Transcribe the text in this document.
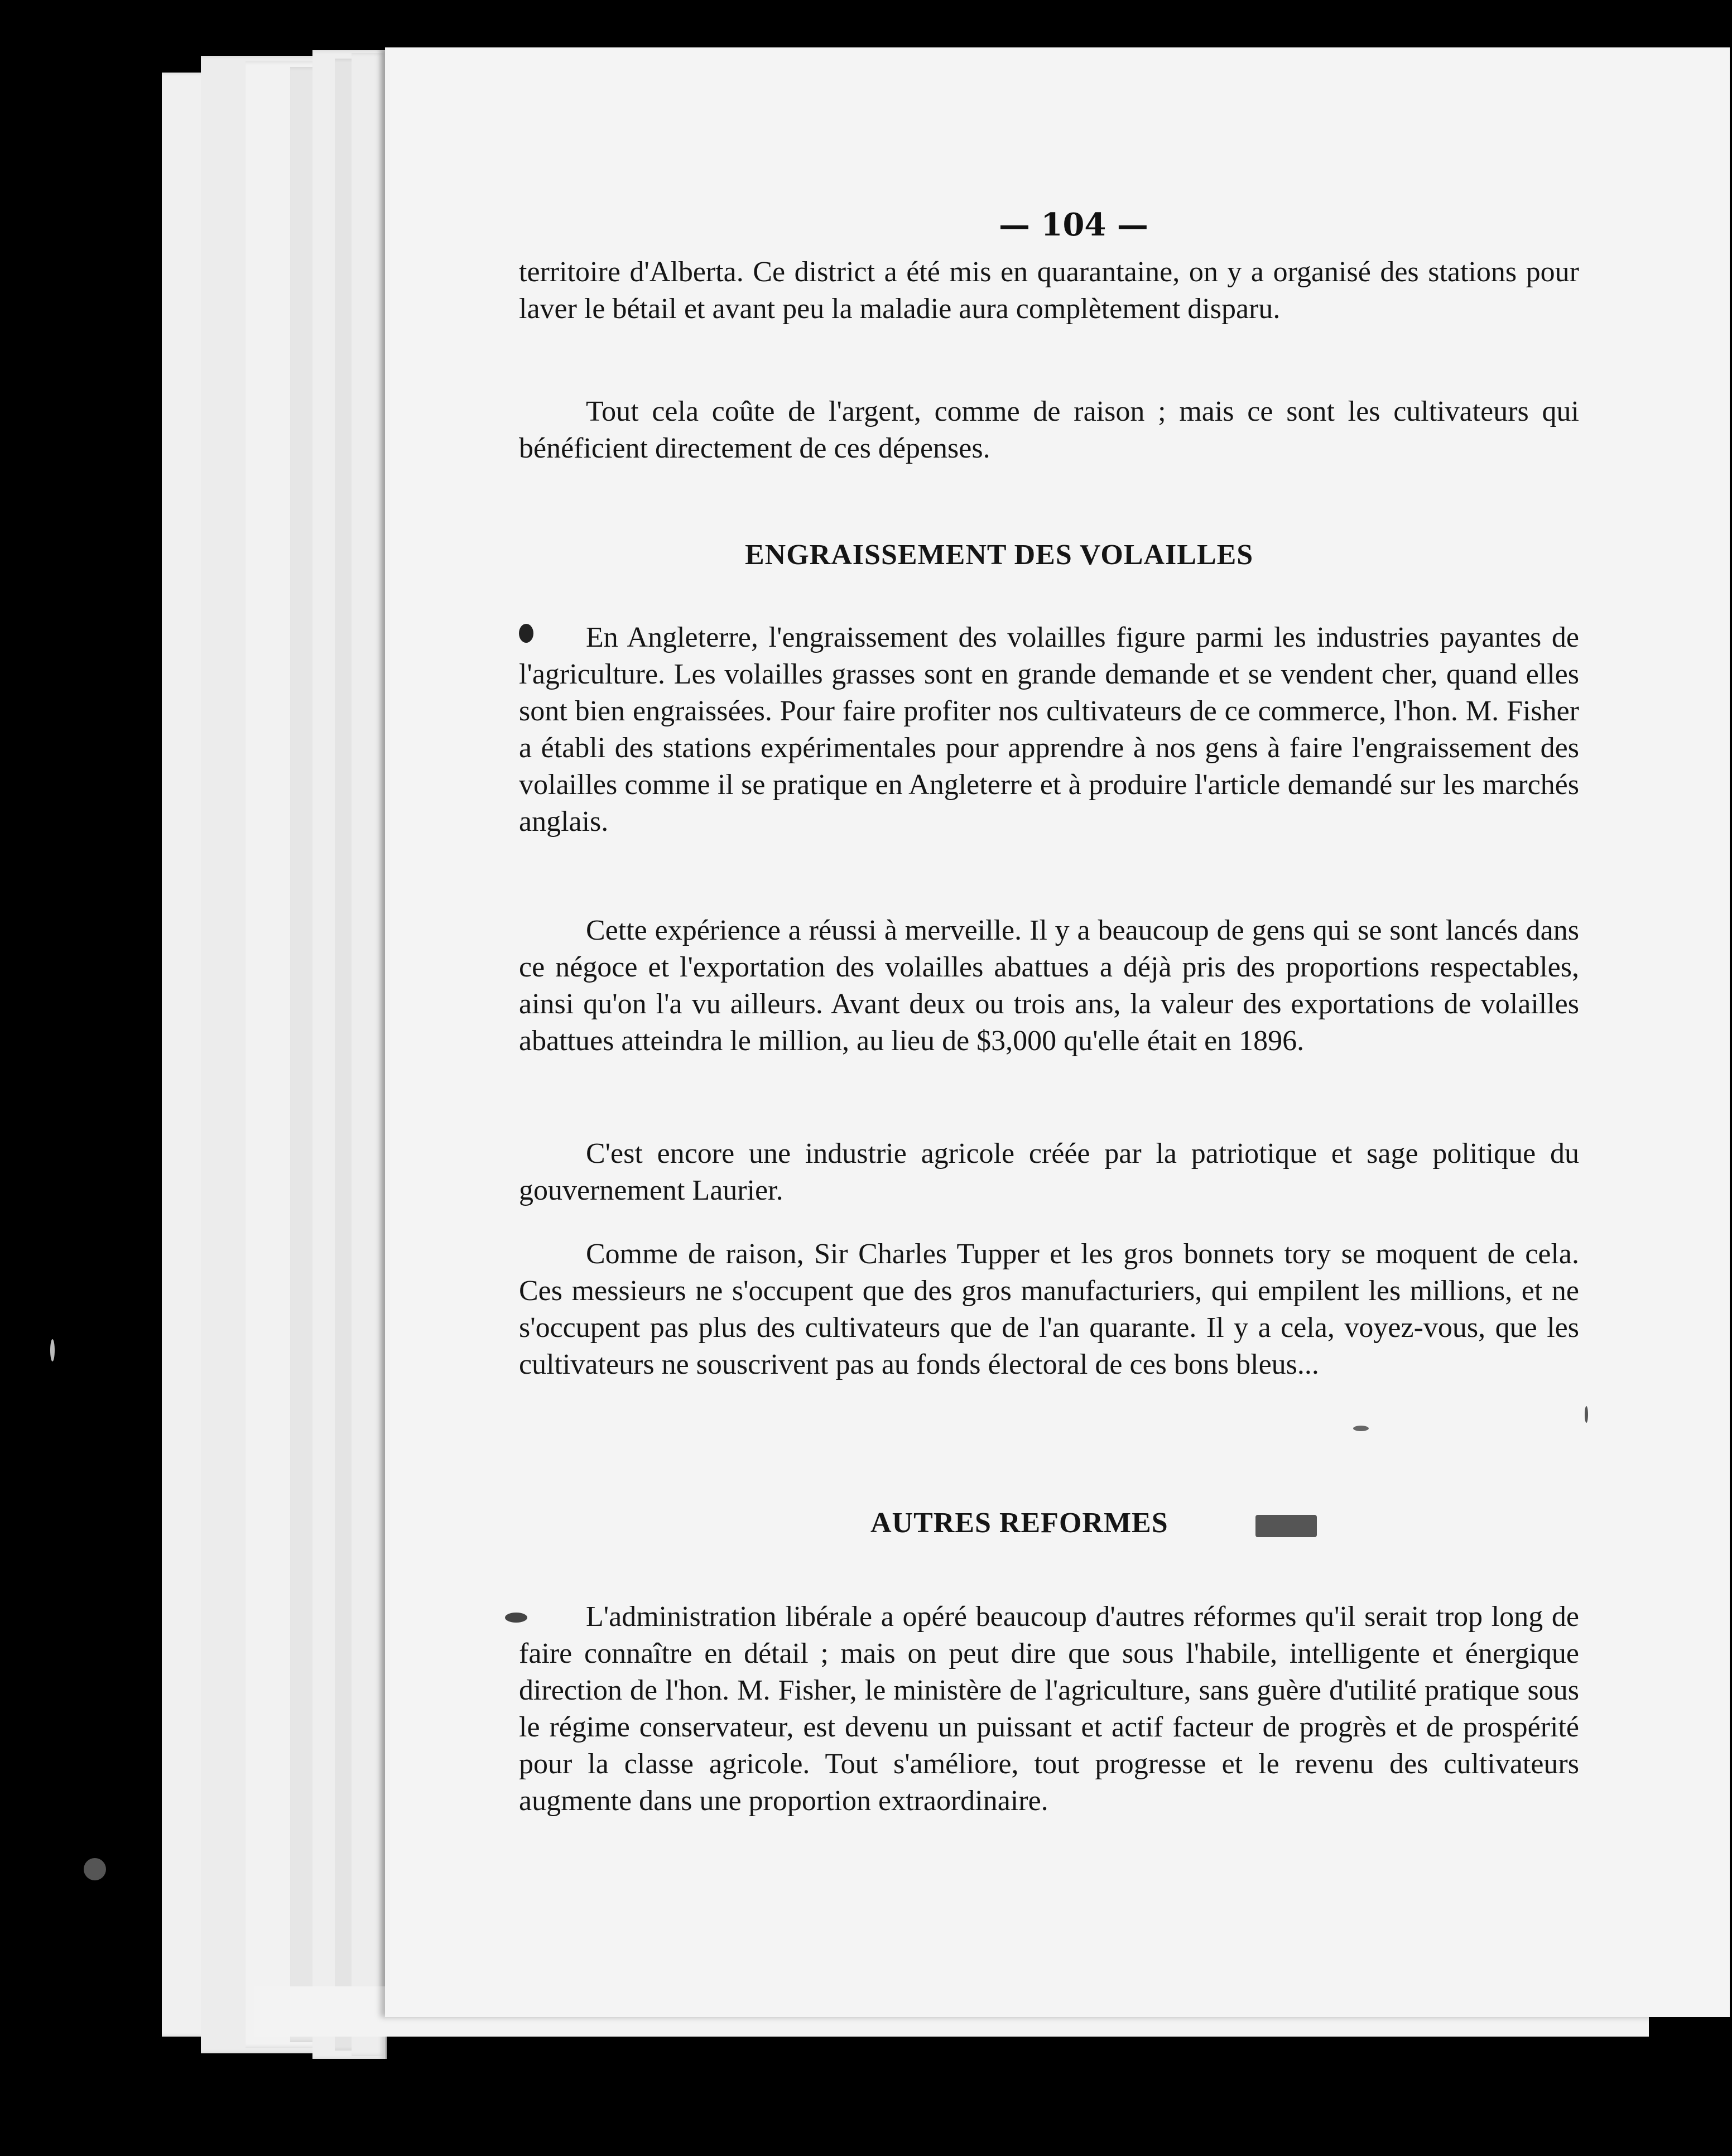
— 104 —

territoire d'Alberta. Ce district a été mis en quarantaine, on y a organisé des stations pour laver le bétail et avant peu la maladie aura complètement disparu.

Tout cela coûte de l'argent, comme de raison ; mais ce sont les cultivateurs qui bénéficient directement de ces dépenses.

ENGRAISSEMENT DES VOLAILLES

En Angleterre, l'engraissement des volailles figure parmi les industries payantes de l'agriculture. Les volailles grasses sont en grande demande et se vendent cher, quand elles sont bien engraissées. Pour faire profiter nos cultivateurs de ce commerce, l'hon. M. Fisher a établi des stations expérimentales pour apprendre à nos gens à faire l'engraissement des volailles comme il se pratique en Angleterre et à produire l'article demandé sur les marchés anglais.

Cette expérience a réussi à merveille. Il y a beaucoup de gens qui se sont lancés dans ce négoce et l'exportation des volailles abattues a déjà pris des proportions respectables, ainsi qu'on l'a vu ailleurs. Avant deux ou trois ans, la valeur des exportations de volailles abattues atteindra le million, au lieu de $3,000 qu'elle était en 1896.

C'est encore une industrie agricole créée par la patriotique et sage politique du gouvernement Laurier.

Comme de raison, Sir Charles Tupper et les gros bonnets tory se moquent de cela. Ces messieurs ne s'occupent que des gros manufacturiers, qui empilent les millions, et ne s'occupent pas plus des cultivateurs que de l'an quarante. Il y a cela, voyez-vous, que les cultivateurs ne souscrivent pas au fonds électoral de ces bons bleus...

AUTRES REFORMES

L'administration libérale a opéré beaucoup d'autres réformes qu'il serait trop long de faire connaître en détail ; mais on peut dire que sous l'habile, intelligente et énergique direction de l'hon. M. Fisher, le ministère de l'agriculture, sans guère d'utilité pratique sous le régime conservateur, est devenu un puissant et actif facteur de progrès et de prospérité pour la classe agricole. Tout s'améliore, tout progresse et le revenu des cultivateurs augmente dans une proportion extraordinaire.
